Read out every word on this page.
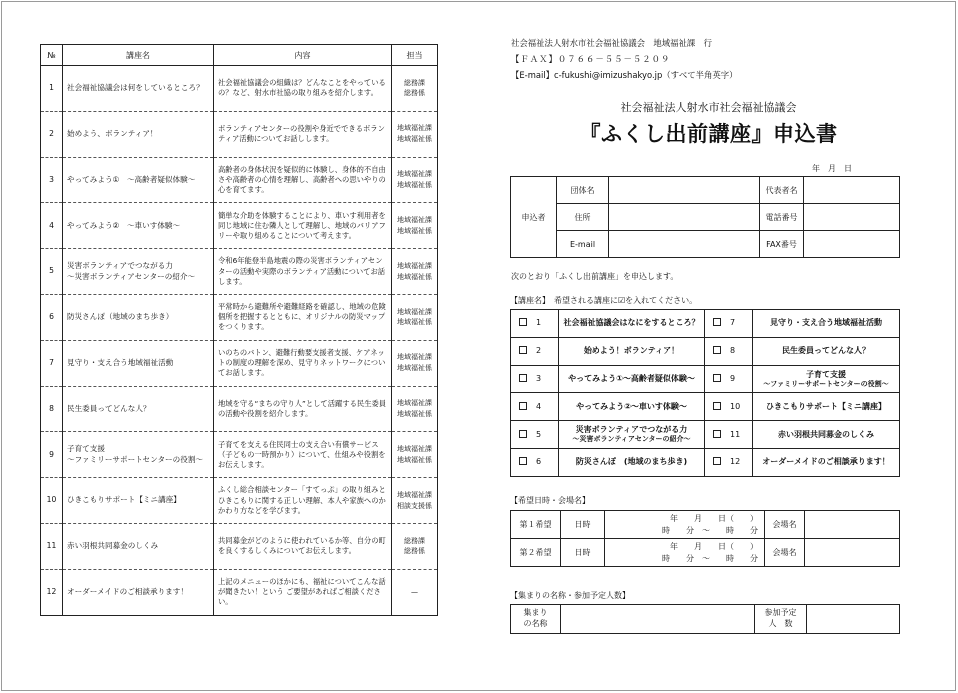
№	講座名	内容	担当
1	社会福祉協議会は何をしているところ？	社会福祉協議会の組織は？どんなことをやっているの？など、射水市社協の取り組みを紹介します。	総務課
総務係
2	始めよう、ボランティア！	ボランティアセンターの役割や身近でできるボランティア活動についてお話しします。	地域福祉課
地域福祉係
3	やってみよう①　～高齢者疑似体験～	高齢者の身体状況を疑似的に体験し、身体的不自由さや高齢者の心情を理解し、高齢者への思いやりの心を育てます。	地域福祉課
地域福祉係
4	やってみよう②　～車いす体験～	簡単な介助を体験することにより、車いす利用者を同じ地域に住む隣人として理解し、地域のバリアフリーや取り組めることについて考えます。	地域福祉課
地域福祉係
5	災害ボランティアでつながる力
～災害ボランティアセンターの紹介～	令和6年能登半島地震の際の災害ボランティアセンターの活動や実際のボランティア活動についてお話します。	地域福祉課
地域福祉係
6	防災さんぽ（地域のまち歩き）	平常時から避難所や避難経路を確認し、地域の危険個所を把握するとともに、オリジナルの防災マップをつくります。	地域福祉課
地域福祉係
7	見守り・支え合う地域福祉活動	いのちのバトン、避難行動要支援者支援、ケアネットの制度の理解を深め、見守りネットワークについてお話します。	地域福祉課
地域福祉係
8	民生委員ってどんな人？	地域を守る“まちの守り人”として活躍する民生委員の活動や役割を紹介します。	地域福祉課
地域福祉係
9	子育て支援
～ファミリーサポートセンターの役割～	子育てを支える住民同士の支え合い有償サービス（子どもの一時預かり）について、仕組みや役割をお伝えします。	地域福祉課
地域福祉係
10	ひきこもりサポート【ミニ講座】	ふくし総合相談センター「すてっぷ」の取り組みとひきこもりに関する正しい理解、本人や家族へのかかわり方などを学びます。	地域福祉課
相談支援係
11	赤い羽根共同募金のしくみ	共同募金がどのように使われているか等、自分の町を良くするしくみについてお伝えします。	総務課
総務係
12	オーダーメイドのご相談承ります！	上記のメニューのほかにも、福祉についてこんな話が聞きたい！という ご要望があればご相談ください。	—
社会福祉法人射水市社会福祉協議会　地域福祉課　行
【ＦＡＸ】０７６６－５５－５２０９
【E-mail】c-fukushi@imizushakyo.jp（すべて半角英字）
社会福祉法人射水市社会福祉協議会
『ふくし出前講座』申込書
年　月　日
申込者	団体名		代表者名	
	住所		電話番号	
	E-mail		FAX番号	
次のとおり「ふくし出前講座」を申込します。
【講座名】　希望される講座に☑を入れてください。
1	社会福祉協議会はなにをするところ？	7	見守り・支え合う地域福祉活動
2	始めよう！ボランティア！	8	民生委員ってどんな人？
3	やってみよう①～高齢者疑似体験～	9	子育て支援
～ファミリーサポートセンターの役割～

4	やってみよう②～車いす体験～	10	ひきこもりサポート【ミニ講座】
5	災害ボランティアでつながる力
～災害ボランティアセンターの紹介～	11	赤い羽根共同募金のしくみ
6	防災さんぽ　(地域のまち歩き)	12	オーダーメイドのご相談承ります！
【希望日時・会場名】
第１希望	日時	年　　月　　日（　　）
時　　分　～　　時　　分	会場名	
第２希望	日時	年　　月　　日（　　）
時　　分　～　　時　　分	会場名	
【集まりの名称・参加予定人数】
集まり
の名称		参加予定
人　数	
